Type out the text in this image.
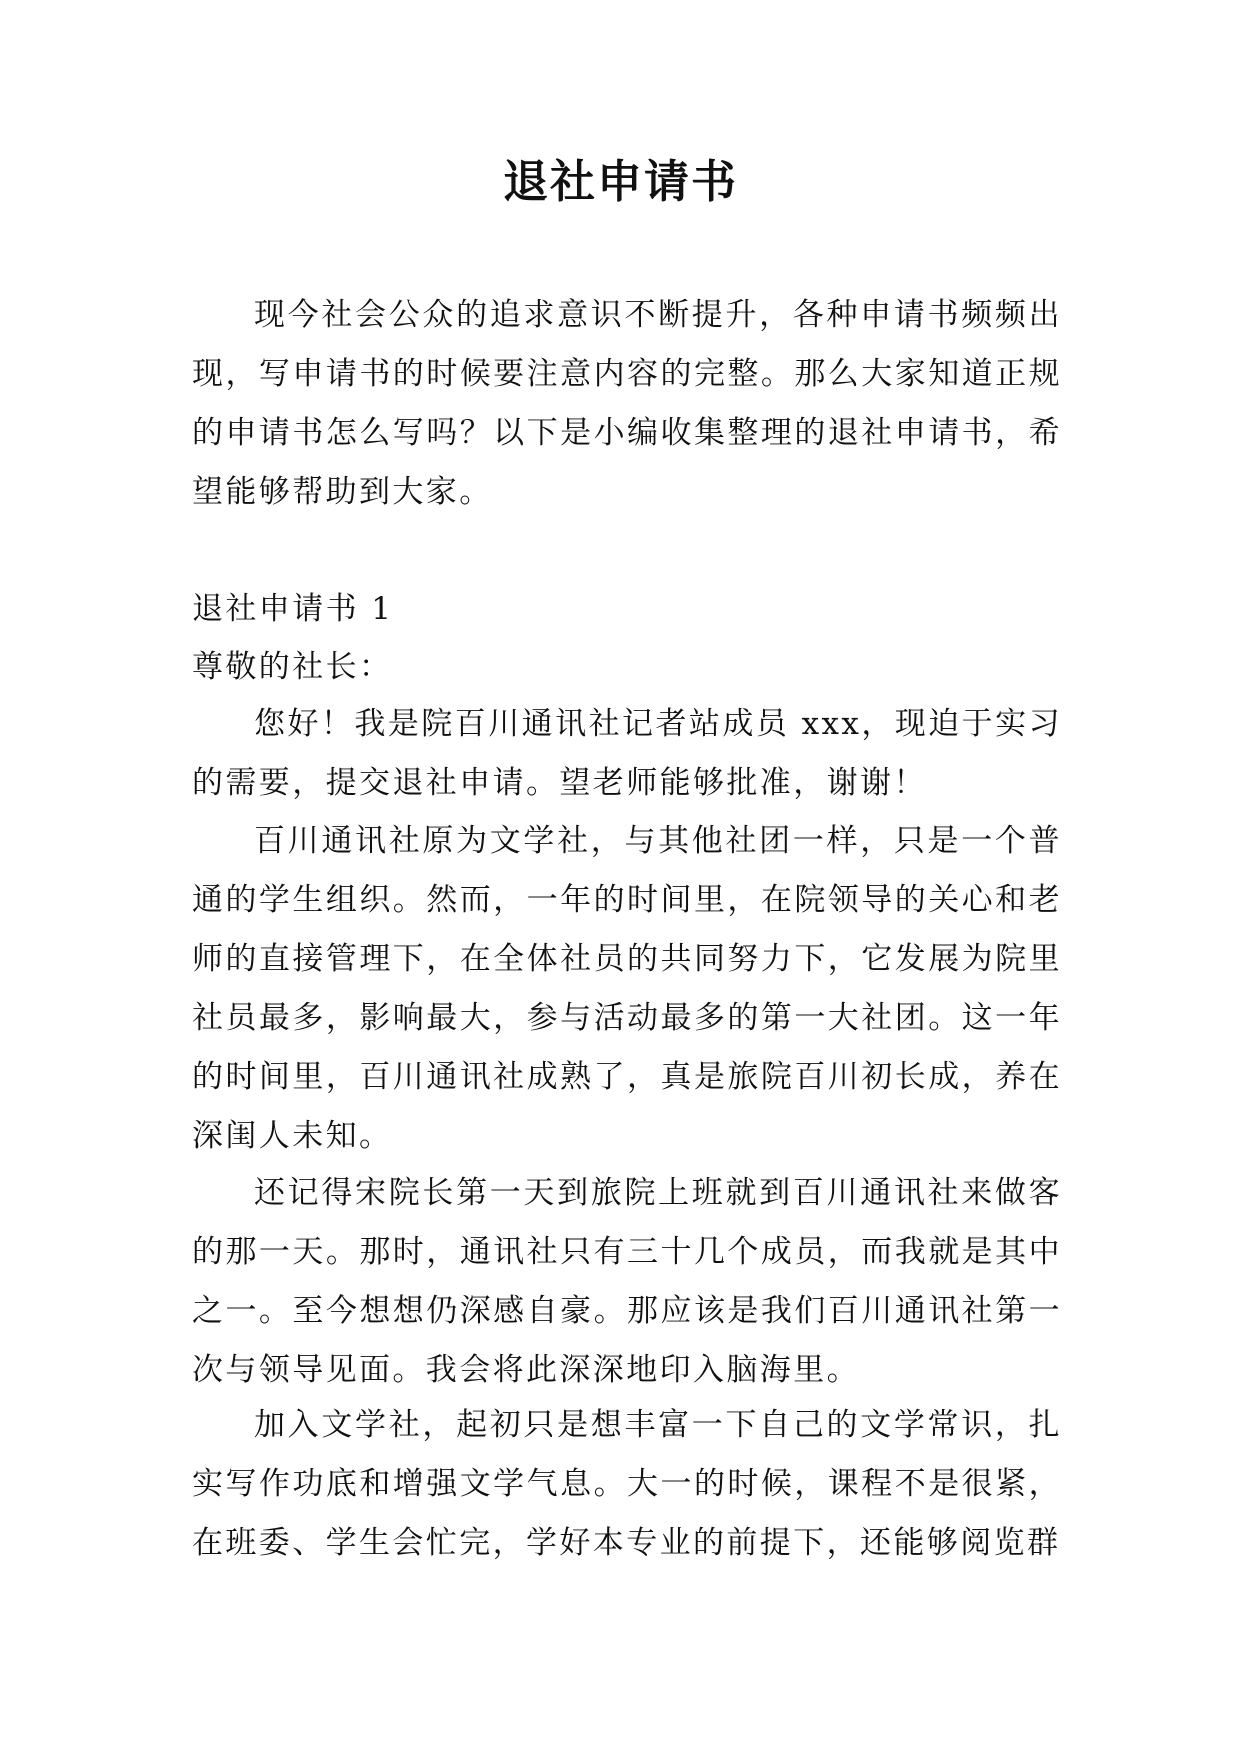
退社申请书

现今社会公众的追求意识不断提升，各种申请书频频出现，写申请书的时候要注意内容的完整。那么大家知道正规的申请书怎么写吗？以下是小编收集整理的退社申请书，希望能够帮助到大家。

退社申请书 1

尊敬的社长：

您好！我是院百川通讯社记者站成员 xxx，现迫于实习的需要，提交退社申请。望老师能够批准，谢谢！

百川通讯社原为文学社，与其他社团一样，只是一个普通的学生组织。然而，一年的时间里，在院领导的关心和老师的直接管理下，在全体社员的共同努力下，它发展为院里社员最多，影响最大，参与活动最多的第一大社团。这一年的时间里，百川通讯社成熟了，真是旅院百川初长成，养在深闺人未知。

还记得宋院长第一天到旅院上班就到百川通讯社来做客的那一天。那时，通讯社只有三十几个成员，而我就是其中之一。至今想想仍深感自豪。那应该是我们百川通讯社第一次与领导见面。我会将此深深地印入脑海里。

加入文学社，起初只是想丰富一下自己的文学常识，扎实写作功底和增强文学气息。大一的时候，课程不是很紧，在班委、学生会忙完，学好本专业的前提下，还能够阅览群
